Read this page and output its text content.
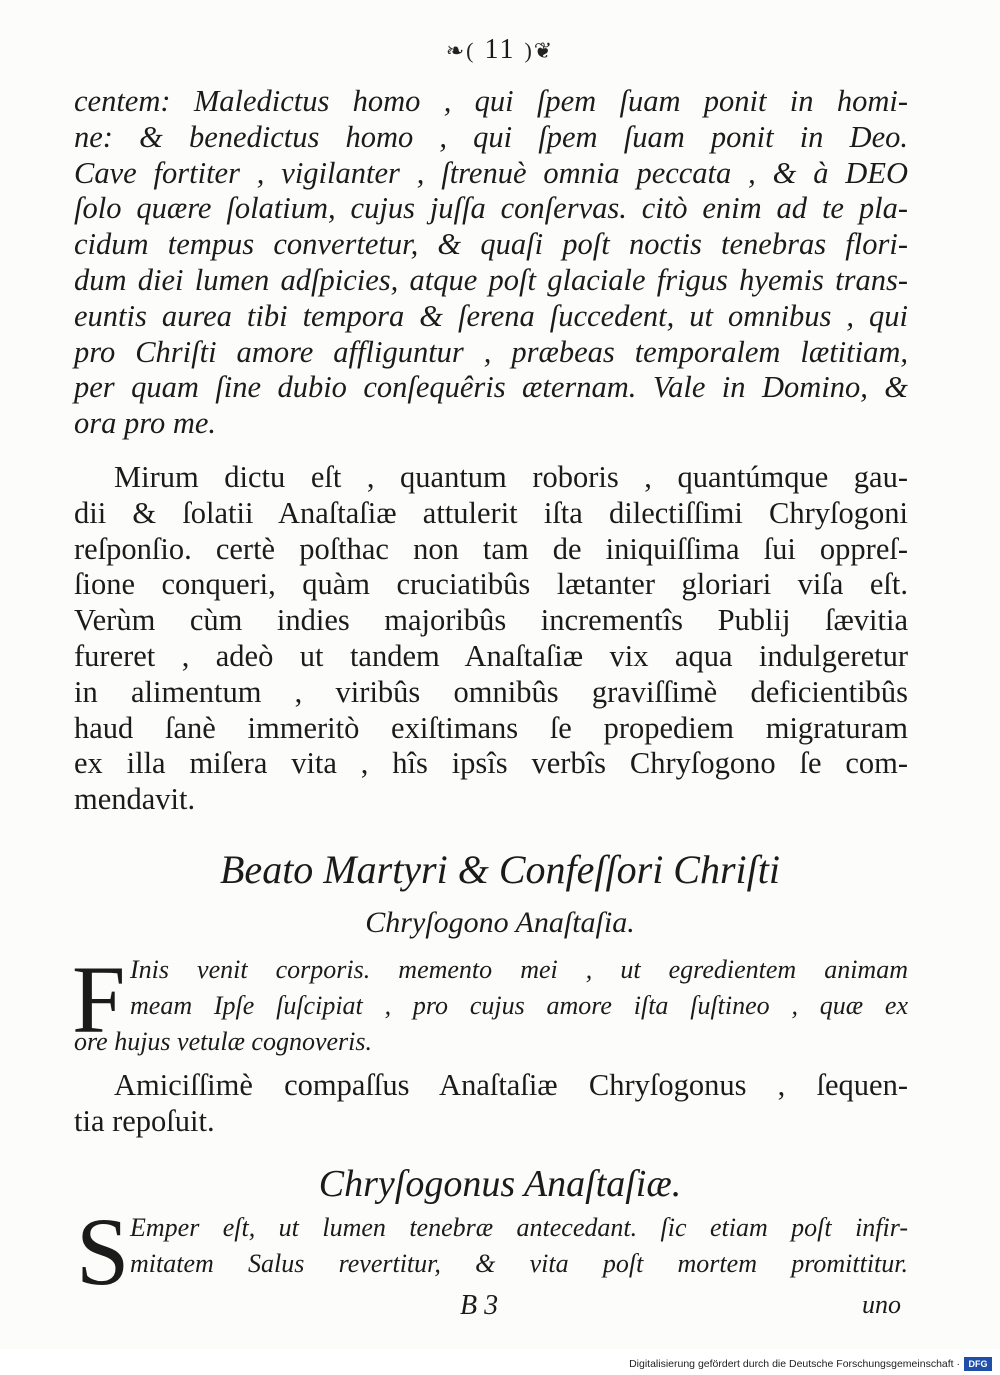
❧( 11 )❦
centem: Maledictus homo , qui ſpem ſuam ponit in homi-
ne: & benedictus homo , qui ſpem ſuam ponit in Deo.
Cave fortiter , vigilanter , ſtrenuè omnia peccata , & à DEO
ſolo quære ſolatium, cujus juſſa conſervas. citò enim ad te pla-
cidum tempus convertetur, & quaſi poſt noctis tenebras flori-
dum diei lumen adſpicies, atque poſt glaciale frigus hyemis trans-
euntis aurea tibi tempora & ſerena ſuccedent, ut omnibus , qui
pro Chriſti amore affliguntur , præbeas temporalem lætitiam,
per quam ſine dubio conſequêris æternam. Vale in Domino, &
ora pro me.
Mirum dictu eſt , quantum roboris , quantúmque gau-
dii & ſolatii Anaſtaſiæ attulerit iſta dilectiſſimi Chryſogoni
reſponſio. certè poſthac non tam de iniquiſſima ſui oppreſ-
ſione conqueri, quàm cruciatibûs lætanter gloriari viſa eſt.
Verùm cùm indies majoribûs incrementîs Publij ſævitia
fureret , adeò ut tandem Anaſtaſiæ vix aqua indulgeretur
in alimentum , viribûs omnibûs graviſſimè deficientibûs
haud ſanè immeritò exiſtimans ſe propediem migraturam
ex illa miſera vita , hîs ipsîs verbîs Chryſogono ſe com-
mendavit.
Beato Martyri & Confeſſori Chriſti
Chryſogono Anaſtaſia.
F Inis venit corporis. memento mei , ut egredientem animam
meam Ipſe ſuſcipiat , pro cujus amore iſta ſuſtineo , quæ ex
ore hujus vetulæ cognoveris.
Amiciſſimè compaſſus Anaſtaſiæ Chryſogonus , ſequen-
tia repoſuit.
Chryſogonus Anaſtaſiæ.
S Emper eſt, ut lumen tenebræ antecedant. ſic etiam poſt infir-
mitatem Salus revertitur, & vita poſt mortem promittitur.
B 3	uno
Digitalisierung gefördert durch die Deutsche Forschungsgemeinschaft · DFG
